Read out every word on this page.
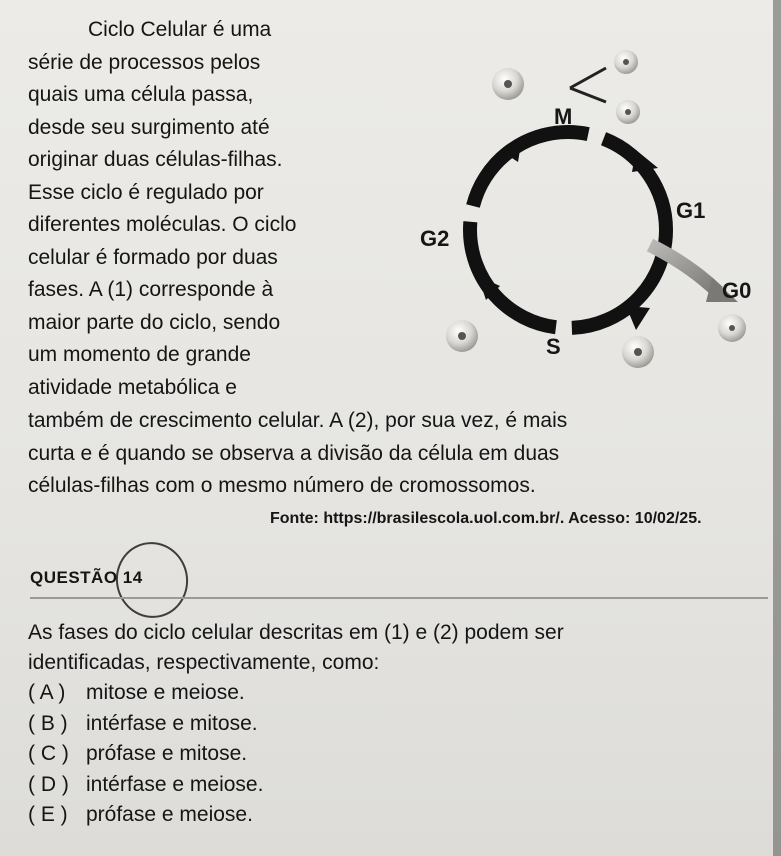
Ciclo Celular é uma
série de processos pelos
quais uma célula passa,
desde seu surgimento até
originar duas células-filhas.
Esse ciclo é regulado por
diferentes moléculas. O ciclo
celular é formado por duas
fases. A (1) corresponde à
maior parte do ciclo, sendo
um momento de grande
atividade metabólica e
M
G1
G0
G2
S
também de crescimento celular. A (2), por sua vez, é mais
curta e é quando se observa a divisão da célula em duas
células-filhas com o mesmo número de cromossomos.
Fonte: https://brasilescola.uol.com.br/. Acesso: 10/02/25.
QUESTÃO 14
As fases do ciclo celular descritas em (1) e (2) podem ser
identificadas, respectivamente, como:
( A ) mitose e meiose.
( B ) intérfase e mitose.
( C ) prófase e mitose.
( D ) intérfase e meiose.
( E ) prófase e meiose.
